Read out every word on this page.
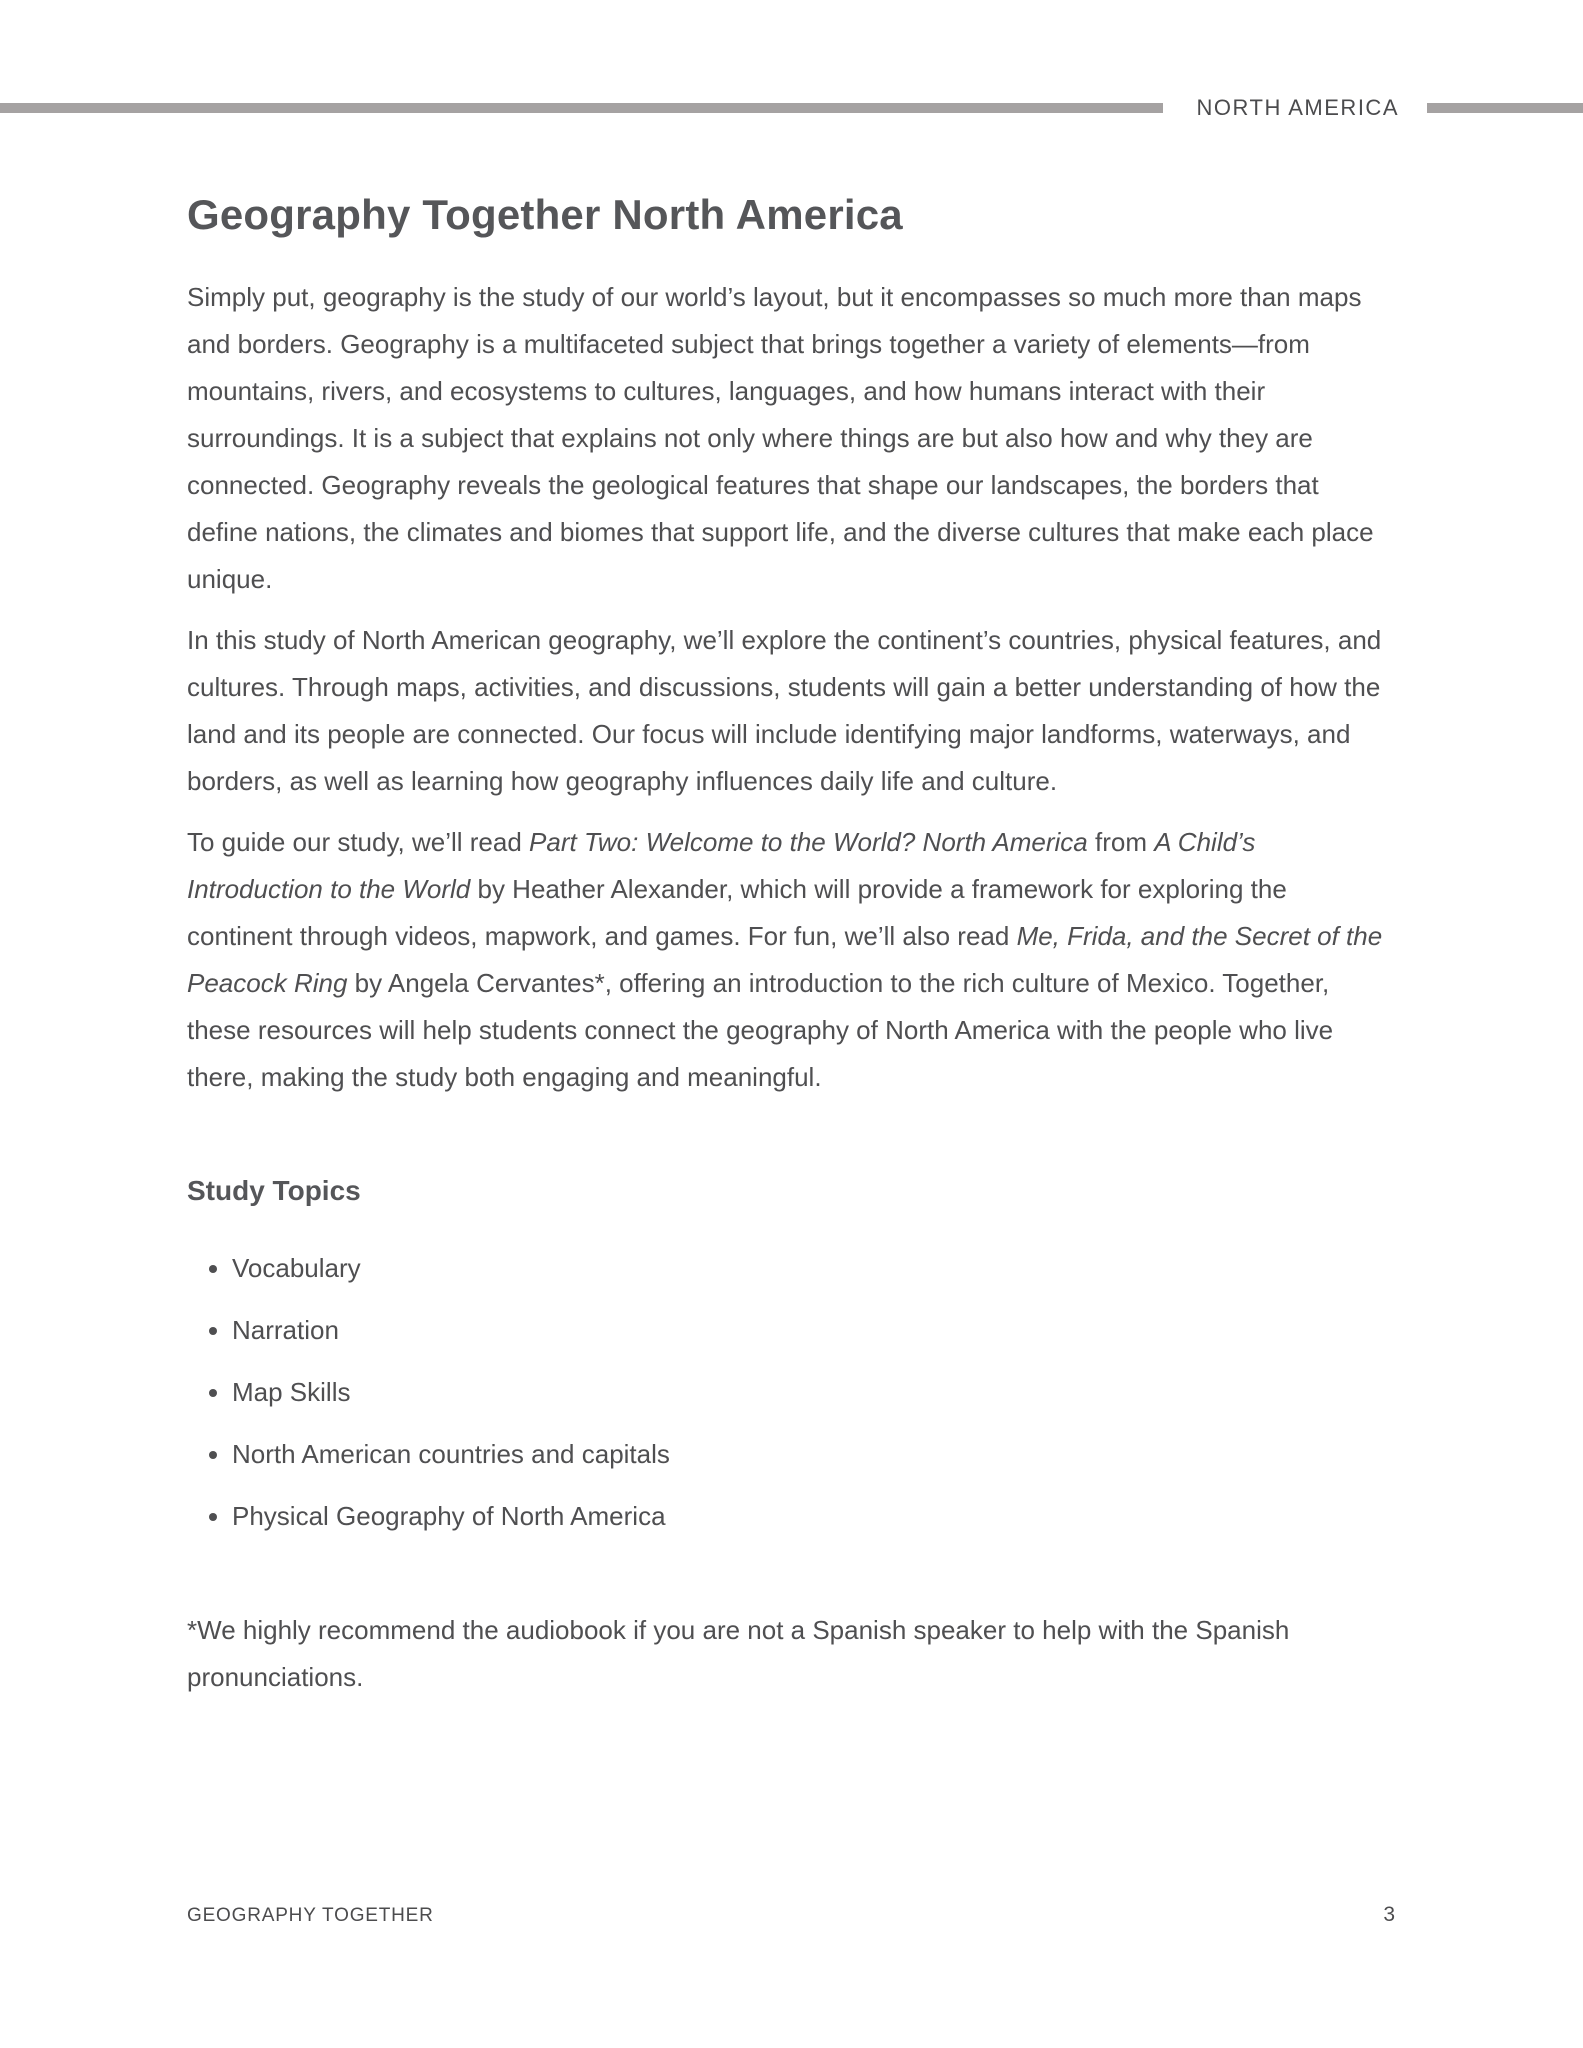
NORTH AMERICA
Geography Together North America

Simply put, geography is the study of our world’s layout, but it encompasses so much more than maps and borders. Geography is a multifaceted subject that brings together a variety of elements—from mountains, rivers, and ecosystems to cultures, languages, and how humans interact with their surroundings. It is a subject that explains not only where things are but also how and why they are connected. Geography reveals the geological features that shape our landscapes, the borders that define nations, the climates and biomes that support life, and the diverse cultures that make each place unique.

In this study of North American geography, we’ll explore the continent’s countries, physical features, and cultures. Through maps, activities, and discussions, students will gain a better understanding of how the land and its people are connected. Our focus will include identifying major landforms, waterways, and borders, as well as learning how geography influences daily life and culture.

To guide our study, we’ll read Part Two: Welcome to the World? North America from A Child’s Introduction to the World by Heather Alexander, which will provide a framework for exploring the continent through videos, mapwork, and games. For fun, we’ll also read Me, Frida, and the Secret of the Peacock Ring by Angela Cervantes*, offering an introduction to the rich culture of Mexico. Together, these resources will help students connect the geography of North America with the people who live there, making the study both engaging and meaningful.

Study Topics
• Vocabulary
• Narration
• Map Skills
• North American countries and capitals
• Physical Geography of North America

*We highly recommend the audiobook if you are not a Spanish speaker to help with the Spanish pronunciations.

GEOGRAPHY TOGETHER	3
